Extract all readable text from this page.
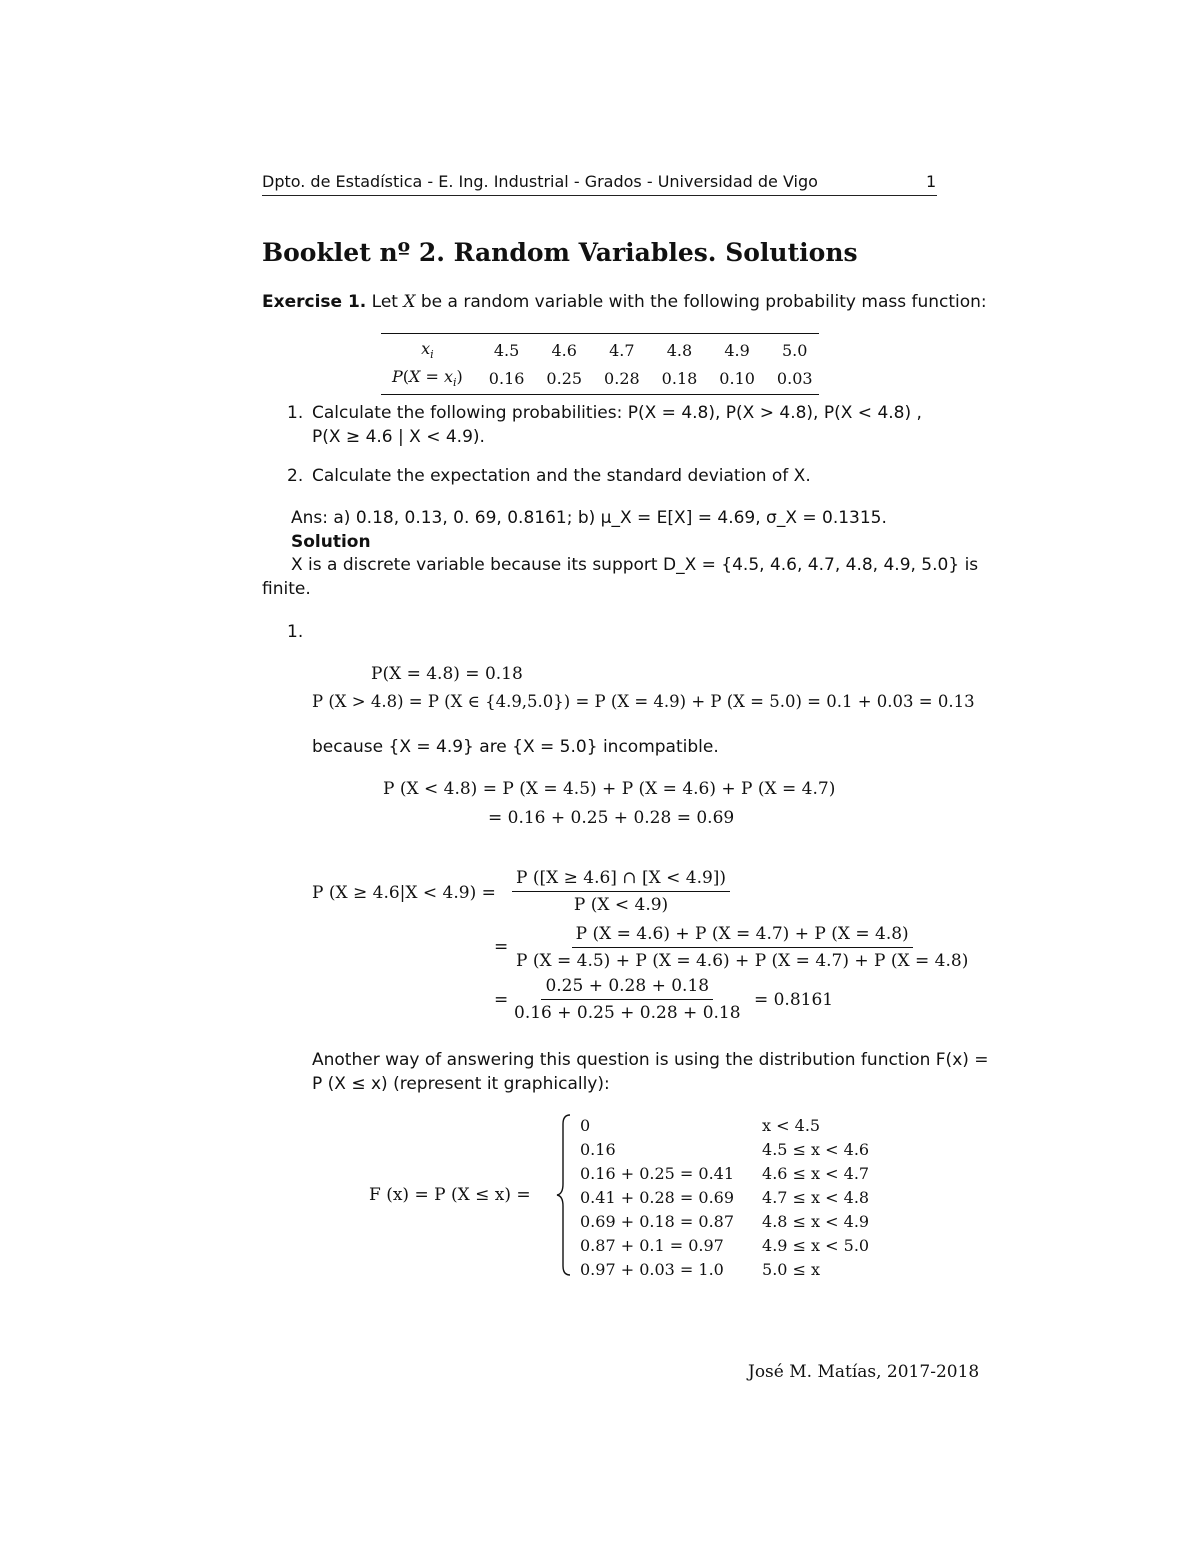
Dpto. de Estadística - E. Ing. Industrial - Grados - Universidad de Vigo	1
Booklet nº 2. Random Variables. Solutions
Exercise 1. Let X be a random variable with the following probability mass function:
$x_i$	4.5	4.6	4.7	4.8	4.9	5.0
$P(X = x_i)$	0.16	0.25	0.28	0.18	0.10	0.03
1. Calculate the following probabilities: P(X = 4.8), P(X > 4.8), P(X < 4.8) ,
P(X ≥ 4.6 | X < 4.9).
2. Calculate the expectation and the standard deviation of X.
Ans: a) 0.18, 0.13, 0. 69, 0.8161; b) μ_X = E[X] = 4.69, σ_X = 0.1315.
Solution
X is a discrete variable because its support D_X = {4.5, 4.6, 4.7, 4.8, 4.9, 5.0} is
finite.
1.
P(X = 4.8) = 0.18
P (X > 4.8) = P (X ∈ {4.9,5.0}) = P (X = 4.9) + P (X = 5.0) = 0.1 + 0.03 = 0.13
because {X = 4.9} are {X = 5.0} incompatible.
P (X < 4.8) = P (X = 4.5) + P (X = 4.6) + P (X = 4.7)
= 0.16 + 0.25 + 0.28 = 0.69
P $(X \ge 4.6|X < 4.9) = \frac{P ([X \ge 4.6] \cap [X < 4.9])}{P (X < 4.9)}$
= $\frac{P (X = 4.6) + P (X = 4.7) + P (X = 4.8)}{P (X = 4.5) + P (X = 4.6) + P (X = 4.7) + P (X = 4.8)}$
= $\frac{0.25 + 0.28 + 0.18}{0.16 + 0.25 + 0.28 + 0.18} = 0.8161$
Another way of answering this question is using the distribution function F(x) =
P (X ≤ x) (represent it graphically):
F (x) = P (X ≤ x) =
0	x < 4.5
0.16	4.5 ≤ x < 4.6
0.16 + 0.25 = 0.41	4.6 ≤ x < 4.7
0.41 + 0.28 = 0.69	4.7 ≤ x < 4.8
0.69 + 0.18 = 0.87	4.8 ≤ x < 4.9
0.87 + 0.1 = 0.97	4.9 ≤ x < 5.0
0.97 + 0.03 = 1.0	5.0 ≤ x
José M. Matías, 2017-2018
